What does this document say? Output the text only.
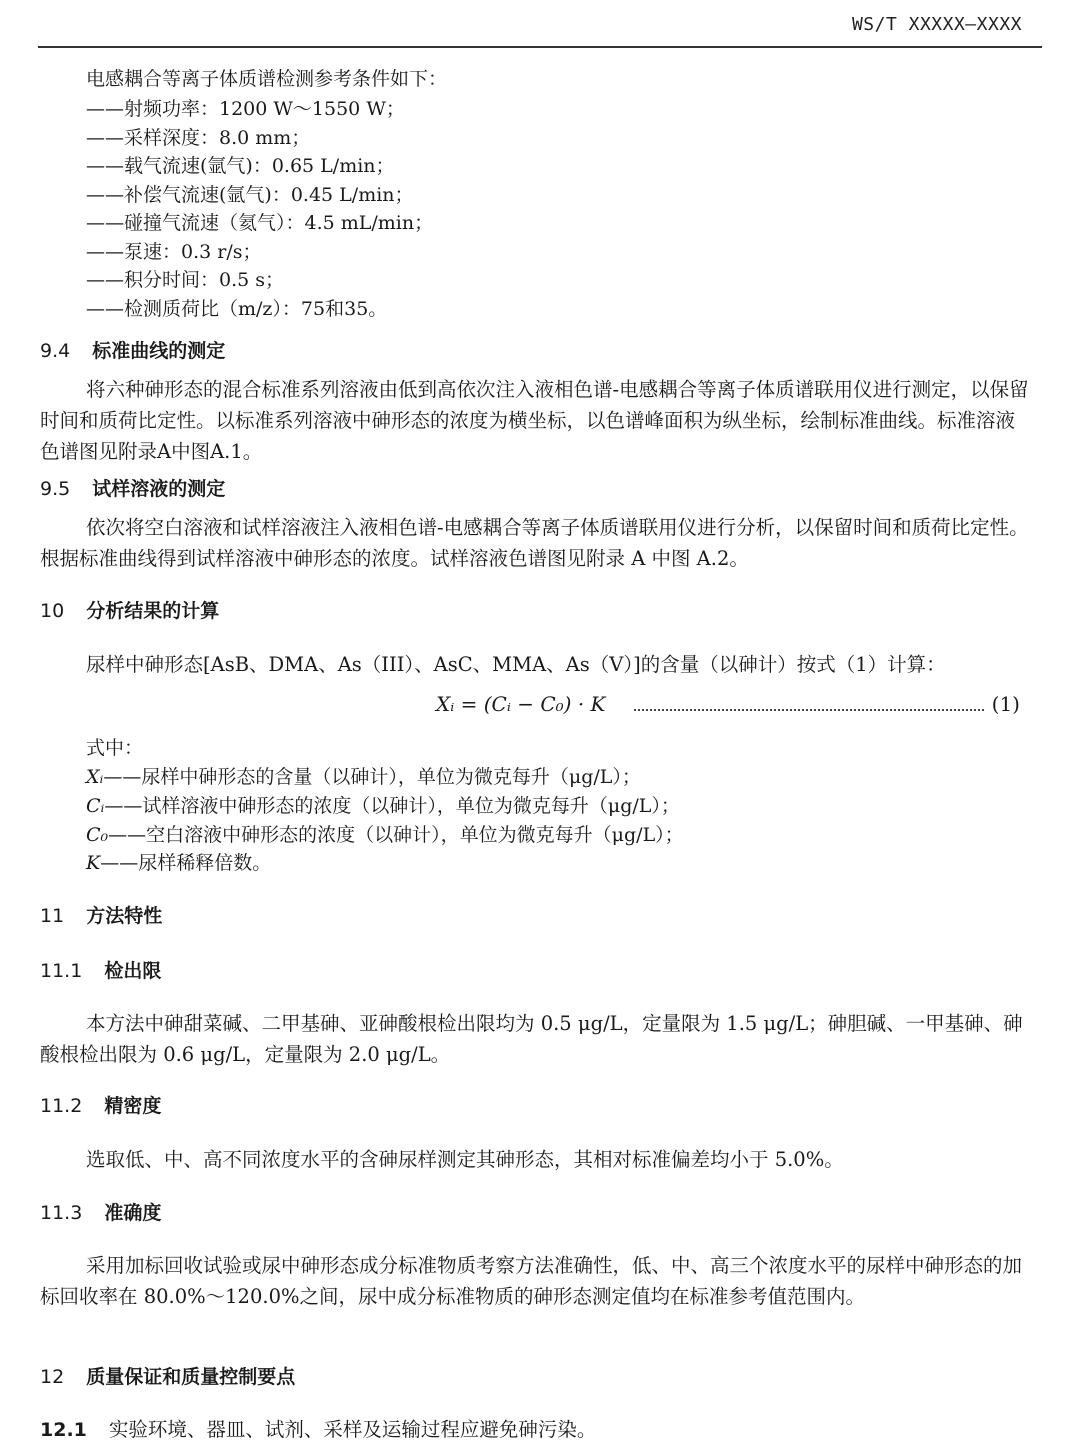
WS/T XXXXX—XXXX
电感耦合等离子体质谱检测参考条件如下：
——射频功率：1200 W～1550 W；
——采样深度：8.0 mm；
——载气流速(氩气)：0.65 L/min；
——补偿气流速(氩气)：0.45 L/min；
——碰撞气流速（氦气）：4.5 mL/min；
——泵速：0.3 r/s；
——积分时间：0.5 s；
——检测质荷比（m/z）：75和35。
9.4 标准曲线的测定
将六种砷形态的混合标准系列溶液由低到高依次注入液相色谱-电感耦合等离子体质谱联用仪进行测定，以保留时间和质荷比定性。以标准系列溶液中砷形态的浓度为横坐标，以色谱峰面积为纵坐标，绘制标准曲线。标准溶液色谱图见附录A中图A.1。
9.5 试样溶液的测定
依次将空白溶液和试样溶液注入液相色谱-电感耦合等离子体质谱联用仪进行分析，以保留时间和质荷比定性。根据标准曲线得到试样溶液中砷形态的浓度。试样溶液色谱图见附录 A 中图 A.2。
10 分析结果的计算
尿样中砷形态[AsB、DMA、As（III）、AsC、MMA、As（V）]的含量（以砷计）按式（1）计算：
Xᵢ = (Cᵢ − C₀) · K	(1)
式中：
Xᵢ——尿样中砷形态的含量（以砷计），单位为微克每升（μg/L）；
Cᵢ——试样溶液中砷形态的浓度（以砷计），单位为微克每升（μg/L）；
C₀——空白溶液中砷形态的浓度（以砷计），单位为微克每升（μg/L）；
K——尿样稀释倍数。
11 方法特性
11.1 检出限
本方法中砷甜菜碱、二甲基砷、亚砷酸根检出限均为 0.5 μg/L，定量限为 1.5 μg/L；砷胆碱、一甲基砷、砷酸根检出限为 0.6 μg/L，定量限为 2.0 μg/L。
11.2 精密度
选取低、中、高不同浓度水平的含砷尿样测定其砷形态，其相对标准偏差均小于 5.0%。
11.3 准确度
采用加标回收试验或尿中砷形态成分标准物质考察方法准确性，低、中、高三个浓度水平的尿样中砷形态的加标回收率在 80.0%～120.0%之间，尿中成分标准物质的砷形态测定值均在标准参考值范围内。
12 质量保证和质量控制要点
12.1 实验环境、器皿、试剂、采样及运输过程应避免砷污染。
